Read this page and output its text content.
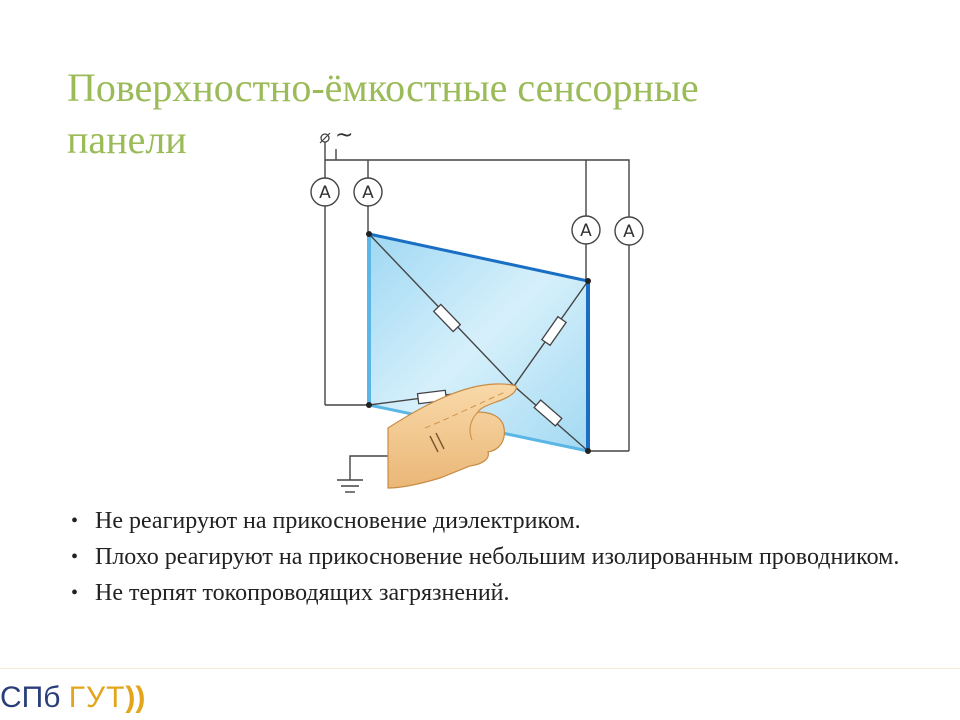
Поверхностно-ёмкостные сенсорные
панели	~
A A
A A
• Не реагируют на прикосновение диэлектриком.
• Плохо реагируют на прикосновение небольшим изолированным проводником.
• Не терпят токопроводящих загрязнений.
СПб ГУТ))
